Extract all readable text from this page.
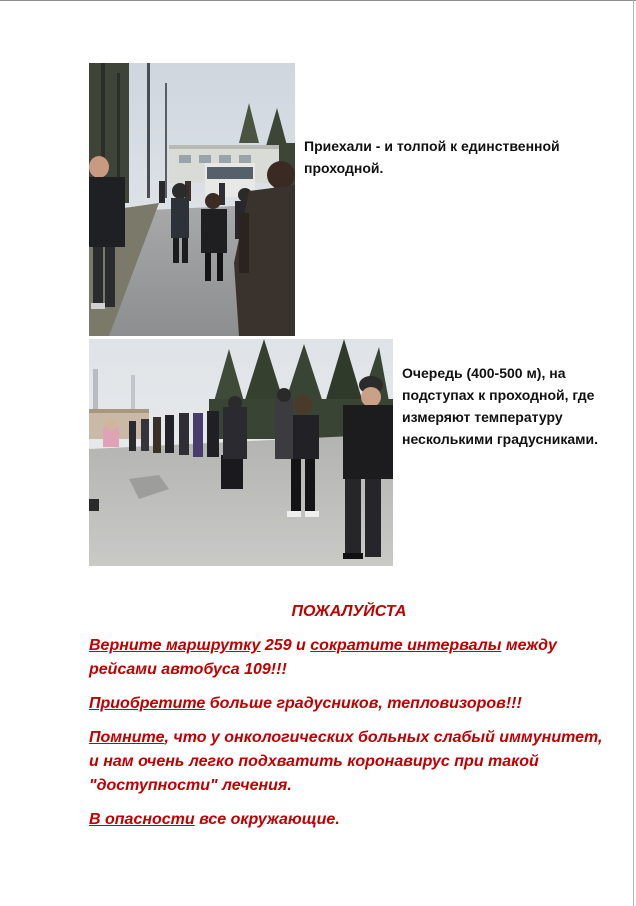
Приехали - и толпой к единственной проходной.

Очередь (400-500 м), на подступах к проходной, где измеряют температуру несколькими градусниками.

ПОЖАЛУЙСТА

Верните маршрутку 259 и сократите интервалы между рейсами автобуса 109!!!

Приобретите больше градусников, тепловизоров!!!

Помните, что у онкологических больных слабый иммунитет, и нам очень легко подхватить коронавирус при такой "доступности" лечения.

В опасности все окружающие.
